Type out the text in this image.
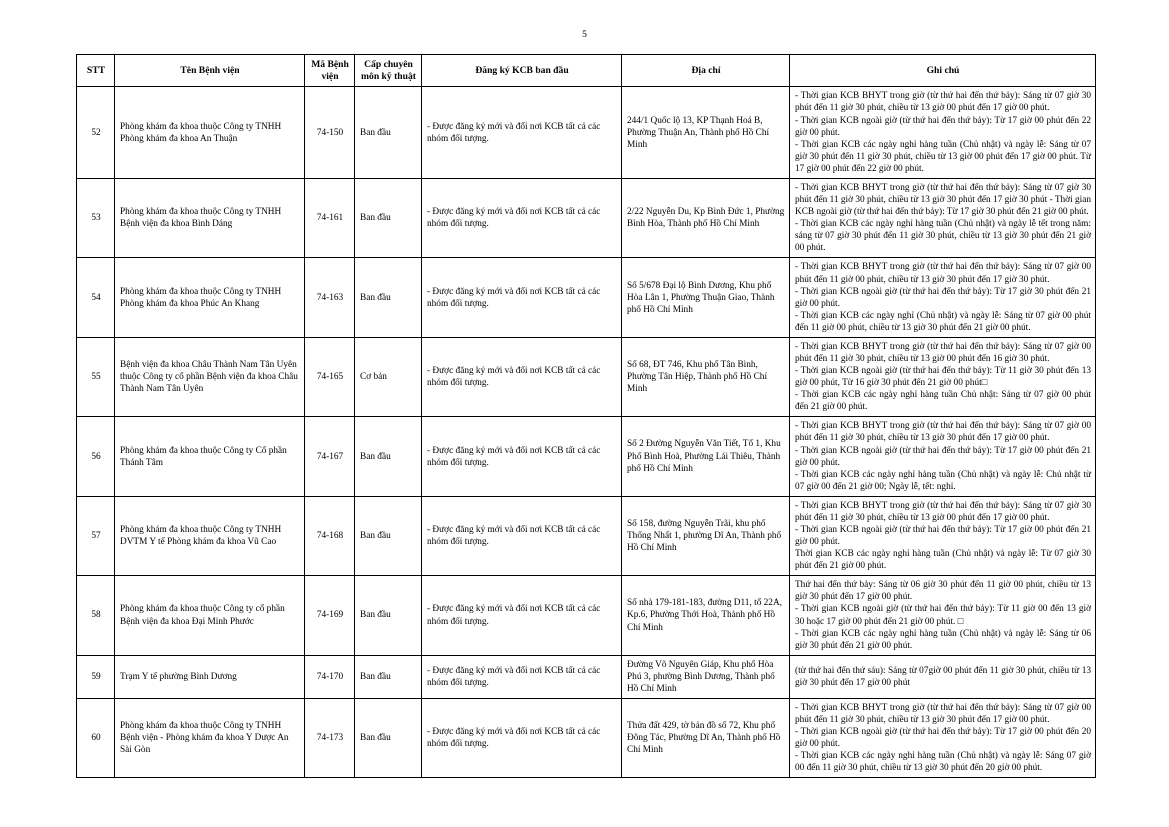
5
STT	Tên Bệnh viện	Mã Bệnh viện	Cấp chuyên môn kỹ thuật	Đăng ký KCB ban đầu	Địa chỉ	Ghi chú
52	Phòng khám đa khoa thuộc Công ty TNHH Phòng khám đa khoa An Thuận	74-150	Ban đầu	- Được đăng ký mới và đổi nơi KCB tất cả các nhóm đối tượng.	244/1 Quốc lộ 13, KP Thạnh Hoá B, Phường Thuận An, Thành phố Hồ Chí Minh	- Thời gian KCB BHYT trong giờ (từ thứ hai đến thứ bảy): Sáng từ 07 giờ 30 phút đến 11 giờ 30 phút, chiều từ 13 giờ 00 phút đến 17 giờ 00 phút.
- Thời gian KCB ngoài giờ (từ thứ hai đến thứ bảy): Từ 17 giờ 00 phút đến 22 giờ 00 phút.
- Thời gian KCB các ngày nghỉ hàng tuần (Chủ nhật) và ngày lễ: Sáng từ 07 giờ 30 phút đến 11 giờ 30 phút, chiều từ 13 giờ 00 phút đến 17 giờ 00 phút. Từ 17 giờ 00 phút đến 22 giờ 00 phút.

53	Phòng khám đa khoa thuộc Công ty TNHH Bệnh viện đa khoa Bình Dáng	74-161	Ban đầu	- Được đăng ký mới và đổi nơi KCB tất cả các nhóm đối tượng.	2/22 Nguyễn Du, Kp Bình Đức 1, Phường Bình Hòa, Thành phố Hồ Chí Minh	- Thời gian KCB BHYT trong giờ (từ thứ hai đến thứ bảy): Sáng từ 07 giờ 30 phút đến 11 giờ 30 phút, chiều từ 13 giờ 30 phút đến 17 giờ 30 phút - Thời gian KCB ngoài giờ (từ thứ hai đến thứ bảy): Từ 17 giờ 30 phút đến 21 giờ 00 phút.
- Thời gian KCB các ngày nghỉ hàng tuần (Chủ nhật) và ngày lễ tết trong năm: sáng từ 07 giờ 30 phút đến 11 giờ 30 phút, chiều từ 13 giờ 30 phút đến 21 giờ 00 phút.

54	Phòng khám đa khoa thuộc Công ty TNHH Phòng khám đa khoa Phúc An Khang	74-163	Ban đầu	- Được đăng ký mới và đổi nơi KCB tất cả các nhóm đối tượng.	Số 5/678 Đại lộ Bình Dương, Khu phố Hòa Lân 1, Phường Thuận Giao, Thành phố Hồ Chí Minh	- Thời gian KCB BHYT trong giờ (từ thứ hai đến thứ bảy): Sáng từ 07 giờ 00 phút đến 11 giờ 00 phút, chiều từ 13 giờ 30 phút đến 17 giờ 30 phút.
- Thời gian KCB ngoài giờ (từ thứ hai đến thứ bảy): Từ 17 giờ 30 phút đến 21 giờ 00 phút.
- Thời gian KCB các ngày nghỉ (Chủ nhật) và ngày lễ: Sáng từ 07 giờ 00 phút đến 11 giờ 00 phút, chiều từ 13 giờ 30 phút đến 21 giờ 00 phút.

55	Bệnh viện đa khoa Châu Thành Nam Tân Uyên thuộc Công ty cổ phần Bệnh viện đa khoa Châu Thành Nam Tân Uyên	74-165	Cơ bản	- Được đăng ký mới và đổi nơi KCB tất cả các nhóm đối tượng.	Số 68, ĐT 746, Khu phố Tân Bình, Phường Tân Hiệp, Thành phố Hồ Chí Minh	- Thời gian KCB BHYT trong giờ (từ thứ hai đến thứ bảy): Sáng từ 07 giờ 00 phút đến 11 giờ 30 phút, chiều từ 13 giờ 00 phút đến 16 giờ 30 phút.
- Thời gian KCB ngoài giờ (từ thứ hai đến thứ bảy): Từ 11 giờ 30 phút đến 13 giờ 00 phút, Từ 16 giờ 30 phút đến 21 giờ 00 phút□
- Thời gian KCB các ngày nghỉ hàng tuần Chủ nhật: Sáng từ 07 giờ 00 phút đến 21 giờ 00 phút.

56	Phòng khám đa khoa thuộc Công ty Cổ phần Thánh Tâm	74-167	Ban đầu	- Được đăng ký mới và đổi nơi KCB tất cả các nhóm đối tượng.	Số 2 Đường Nguyễn Văn Tiết, Tổ 1, Khu Phố Bình Hoà, Phường Lái Thiêu, Thành phố Hồ Chí Minh	- Thời gian KCB BHYT trong giờ (từ thứ hai đến thứ bảy): Sáng từ 07 giờ 00 phút đến 11 giờ 30 phút, chiều từ 13 giờ 30 phút đến 17 giờ 00 phút.
- Thời gian KCB ngoài giờ (từ thứ hai đến thứ bảy): Từ 17 giờ 00 phút đến 21 giờ 00 phút.
- Thời gian KCB các ngày nghỉ hàng tuần (Chủ nhật) và ngày lễ: Chủ nhật từ 07 giờ 00 đến 21 giờ 00; Ngày lễ, tết: nghỉ.

57	Phòng khám đa khoa thuộc Công ty TNHH DVTM Y tế Phòng khám đa khoa Vũ Cao	74-168	Ban đầu	- Được đăng ký mới và đổi nơi KCB tất cả các nhóm đối tượng.	Số 158, đường Nguyễn Trãi, khu phố Thống Nhất 1, phường Dĩ An, Thành phố Hồ Chí Minh	- Thời gian KCB BHYT trong giờ (từ thứ hai đến thứ bảy): Sáng từ 07 giờ 30 phút đến 11 giờ 30 phút, chiều từ 13 giờ 00 phút đến 17 giờ 00 phút.
- Thời gian KCB ngoài giờ (từ thứ hai đến thứ bảy): Từ 17 giờ 00 phút đến 21 giờ 00 phút.
Thời gian KCB các ngày nghỉ hàng tuần (Chủ nhật) và ngày lễ: Từ 07 giờ 30 phút đến 21 giờ 00 phút.

58	Phòng khám đa khoa thuộc Công ty cổ phần Bệnh viện đa khoa Đại Minh Phước	74-169	Ban đầu	- Được đăng ký mới và đổi nơi KCB tất cả các nhóm đối tượng.	Số nhà 179-181-183, đường D11, tổ 22A, Kp.6, Phường Thới Hoà, Thành phố Hồ Chí Minh	Thứ hai đến thứ bảy: Sáng từ 06 giờ 30 phút đến 11 giờ 00 phút, chiều từ 13 giờ 30 phút đến 17 giờ 00 phút.
- Thời gian KCB ngoài giờ (từ thứ hai đến thứ bảy): Từ 11 giờ 00 đến 13 giờ 30 hoặc 17 giờ 00 phút đến 21 giờ 00 phút. □
- Thời gian KCB các ngày nghỉ hàng tuần (Chủ nhật) và ngày lễ: Sáng từ 06 giờ 30 phút đến 21 giờ 00 phút.

59	Trạm Y tế phường Bình Dương	74-170	Ban đầu	- Được đăng ký mới và đổi nơi KCB tất cả các nhóm đối tượng.	Đường Võ Nguyên Giáp, Khu phố Hòa Phú 3, phường Bình Dương, Thành phố Hồ Chí Minh	(từ thứ hai đến thứ sáu): Sáng từ 07giờ 00 phút đến 11 giờ 30 phút, chiều từ 13 giờ 30 phút đến 17 giờ 00 phút

60	Phòng khám đa khoa thuộc Công ty TNHH Bệnh viện - Phòng khám đa khoa Y Dược An Sài Gòn	74-173	Ban đầu	- Được đăng ký mới và đổi nơi KCB tất cả các nhóm đối tượng.	Thửa đất 429, tờ bản đồ số 72, Khu phố Đông Tác, Phường Dĩ An, Thành phố Hồ Chí Minh	- Thời gian KCB BHYT trong giờ (từ thứ hai đến thứ bảy): Sáng từ 07 giờ 00 phút đến 11 giờ 30 phút, chiều từ 13 giờ 30 phút đến 17 giờ 00 phút.
- Thời gian KCB ngoài giờ (từ thứ hai đến thứ bảy): Từ 17 giờ 00 phút đến 20 giờ 00 phút.
- Thời gian KCB các ngày nghỉ hàng tuần (Chủ nhật) và ngày lễ: Sáng 07 giờ 00 đến 11 giờ 30 phút, chiều từ 13 giờ 30 phút đến 20 giờ 00 phút.
